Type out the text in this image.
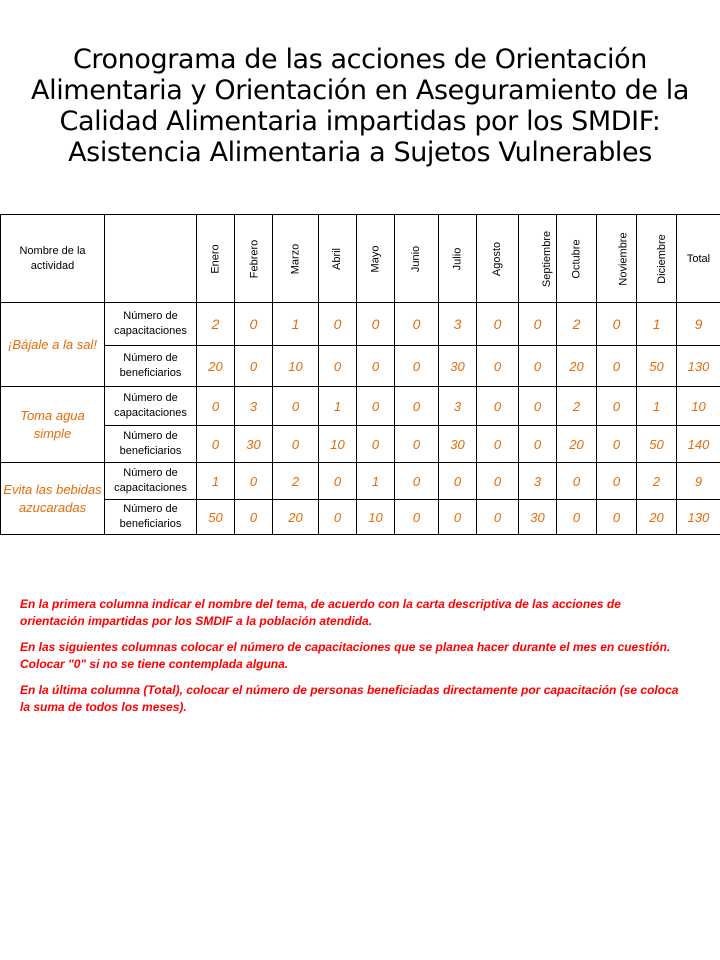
Cronograma de las acciones de Orientación Alimentaria y Orientación en Aseguramiento de la Calidad Alimentaria impartidas por los SMDIF: Asistencia Alimentaria a Sujetos Vulnerables
Nombre de la actividad		Enero	Febrero	Marzo	Abril	Mayo	Junio	Julio	Agosto	Septiembre	Octubre	Noviembre	Diciembre	Total
¡Bájale a la sal!	Número de capacitaciones	2	0	1	0	0	0	3	0	0	2	0	1	9
	Número de beneficiarios	20	0	10	0	0	0	30	0	0	20	0	50	130
Toma agua simple	Número de capacitaciones	0	3	0	1	0	0	3	0	0	2	0	1	10
	Número de beneficiarios	0	30	0	10	0	0	30	0	0	20	0	50	140
Evita las bebidas azucaradas	Número de capacitaciones	1	0	2	0	1	0	0	0	3	0	0	2	9
	Número de beneficiarios	50	0	20	0	10	0	0	0	30	0	0	20	130

En la primera columna indicar el nombre del tema, de acuerdo con la carta descriptiva de las acciones de orientación impartidas por los SMDIF a la población atendida.

En las siguientes columnas colocar el número de capacitaciones que se planea hacer durante el mes en cuestión. Colocar "0" si no se tiene contemplada alguna.

En la última columna (Total), colocar el número de personas beneficiadas directamente por capacitación (se coloca la suma de todos los meses).
